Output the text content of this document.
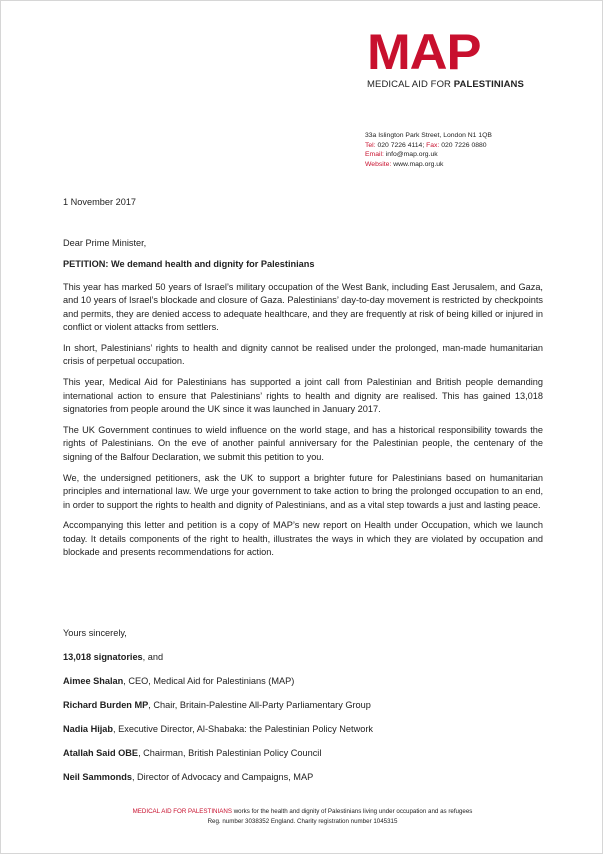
MAP
MEDICAL AID FOR PALESTINIANS
33a Islington Park Street, London N1 1QB
Tel: 020 7226 4114; Fax: 020 7226 0880
Email: info@map.org.uk
Website: www.map.org.uk
1 November 2017

Dear Prime Minister,

PETITION: We demand health and dignity for Palestinians

This year has marked 50 years of Israel’s military occupation of the West Bank, including East Jerusalem, and Gaza, and 10 years of Israel’s blockade and closure of Gaza. Palestinians’ day-to-day movement is restricted by checkpoints and permits, they are denied access to adequate healthcare, and they are frequently at risk of being killed or injured in conflict or violent attacks from settlers.

In short, Palestinians’ rights to health and dignity cannot be realised under the prolonged, man-made humanitarian crisis of perpetual occupation.

This year, Medical Aid for Palestinians has supported a joint call from Palestinian and British people demanding international action to ensure that Palestinians’ rights to health and dignity are realised. This has gained 13,018 signatories from people around the UK since it was launched in January 2017.

The UK Government continues to wield influence on the world stage, and has a historical responsibility towards the rights of Palestinians. On the eve of another painful anniversary for the Palestinian people, the centenary of the signing of the Balfour Declaration, we submit this petition to you.

We, the undersigned petitioners, ask the UK to support a brighter future for Palestinians based on humanitarian principles and international law. We urge your government to take action to bring the prolonged occupation to an end, in order to support the rights to health and dignity of Palestinians, and as a vital step towards a just and lasting peace.

Accompanying this letter and petition is a copy of MAP’s new report on Health under Occupation, which we launch today. It details components of the right to health, illustrates the ways in which they are violated by occupation and blockade and presents recommendations for action.

Yours sincerely,

13,018 signatories, and

Aimee Shalan, CEO, Medical Aid for Palestinians (MAP)

Richard Burden MP, Chair, Britain-Palestine All-Party Parliamentary Group

Nadia Hijab, Executive Director, Al-Shabaka: the Palestinian Policy Network

Atallah Said OBE, Chairman, British Palestinian Policy Council

Neil Sammonds, Director of Advocacy and Campaigns, MAP

MEDICAL AID FOR PALESTINIANS works for the health and dignity of Palestinians living under occupation and as refugees
Reg. number 3038352 England. Charity registration number 1045315
